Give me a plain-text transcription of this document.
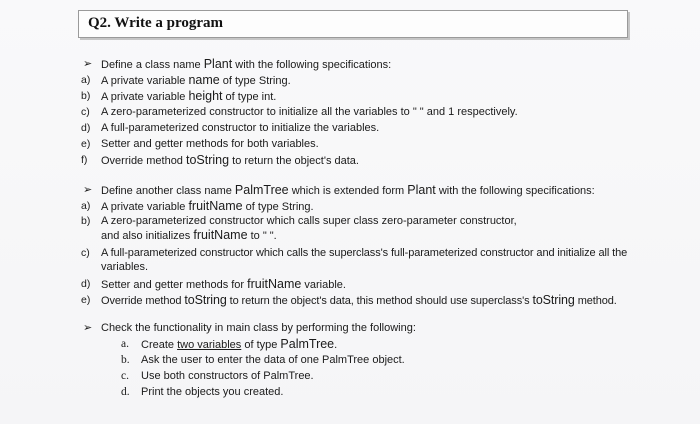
Q2. Write a program
➢ Define a class name Plant with the following specifications:
a) A private variable name of type String.
b) A private variable height of type int.
c) A zero-parameterized constructor to initialize all the variables to " " and 1 respectively.
d) A full-parameterized constructor to initialize the variables.
e) Setter and getter methods for both variables.
f) Override method toString to return the object's data.
➢ Define another class name PalmTree which is extended form Plant with the following specifications:
a) A private variable fruitName of type String.
b) A zero-parameterized constructor which calls super class zero-parameter constructor,
and also initializes fruitName to " ".
c) A full-parameterized constructor which calls the superclass's full-parameterized constructor and initialize all the
variables.
d) Setter and getter methods for fruitName variable.
e) Override method toString to return the object's data, this method should use superclass's toString method.
➢ Check the functionality in main class by performing the following:
a. Create two variables of type PalmTree.
b. Ask the user to enter the data of one PalmTree object.
c. Use both constructors of PalmTree.
d. Print the objects you created.
